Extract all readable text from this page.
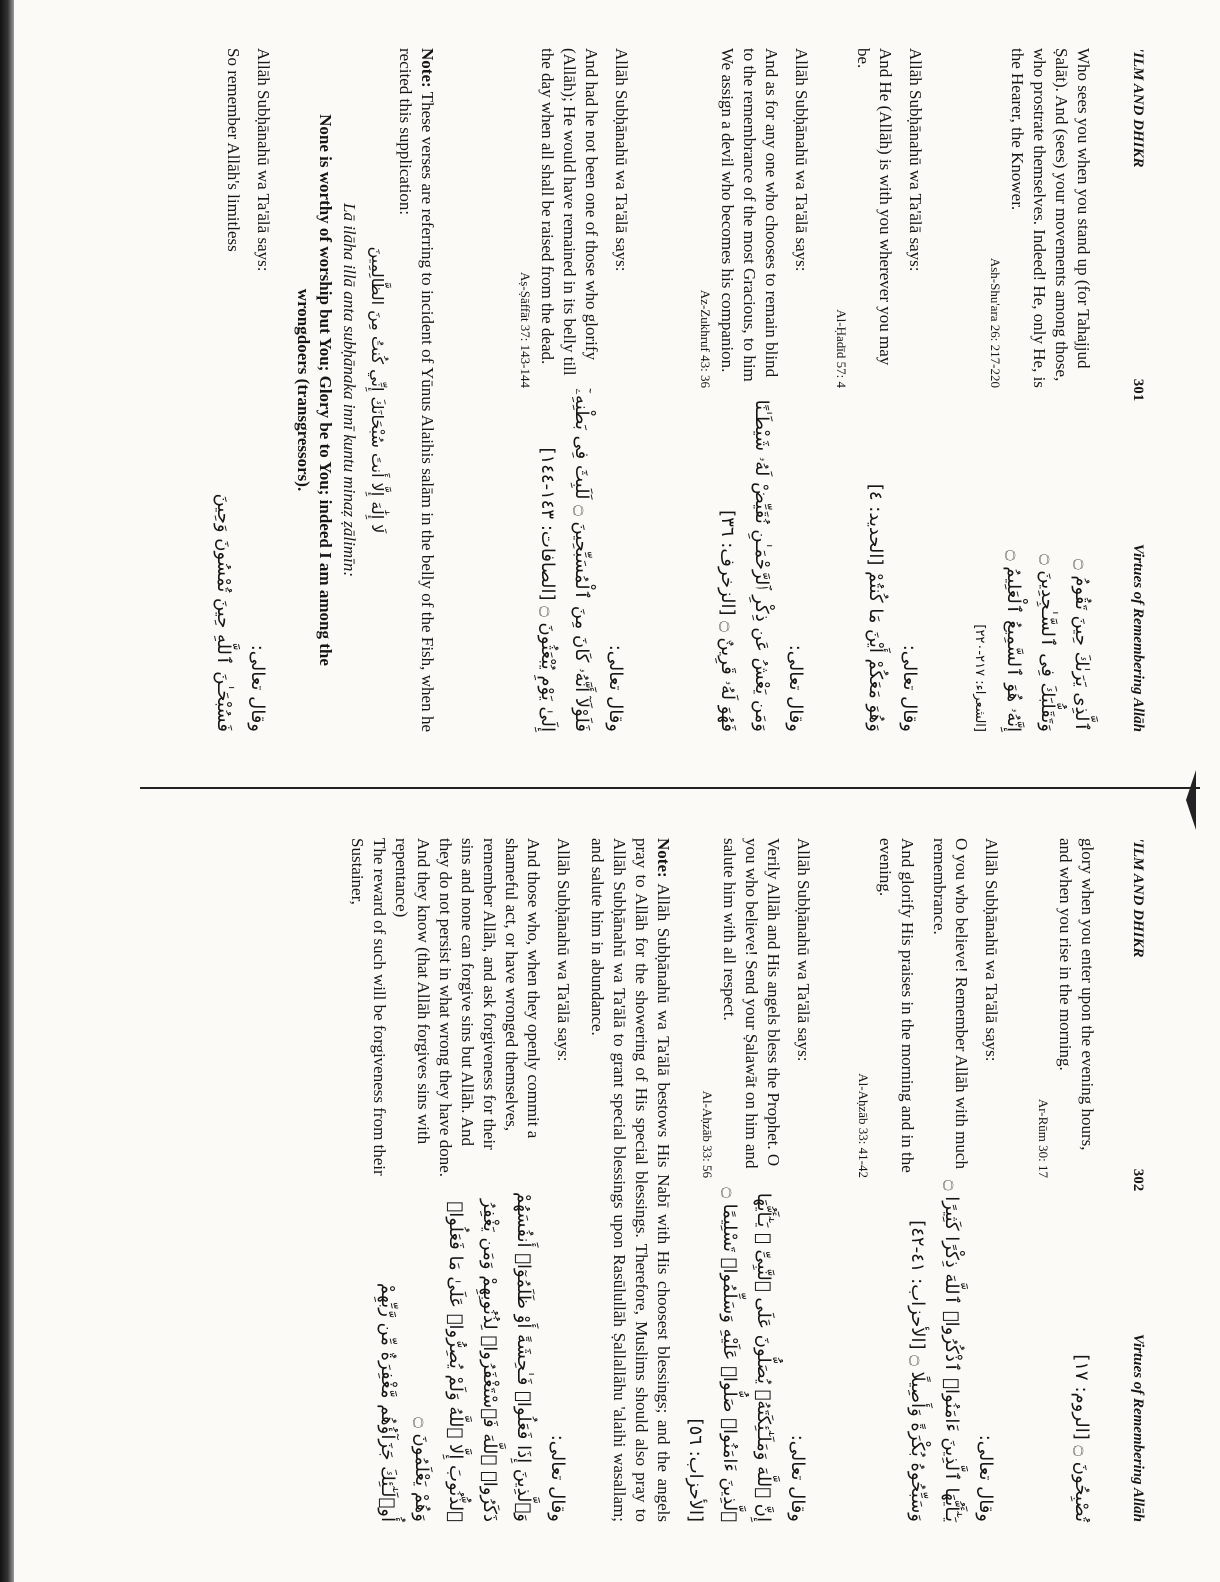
'ILM AND DHIKR
301
Virtues of Remembering Allāh

Who sees you when you stand up (for Tahajjud Ṣalāt). And (sees) your movements among those, who prostrate themselves. Indeed! He, only He, is the Hearer, the Knower.

Ash-Shu'ara 26: 217-220

ٱلَّذِى يَرَىٰكَ حِينَ تَقُومُ ۝

وَتَقَلُّبَكَ فِى ٱلسَّـٰجِدِينَ ۝

إِنَّهُۥ هُوَ ٱلسَّمِيعُ ٱلْعَلِيمُ ۝

[الشعراء: ٢١٧-٢٢٠]

Allāh Subḥānahū wa Ta'ālā says:

And He (Allāh) is with you wherever you may be.

Al-Ḥadīd 57: 4

وقال تعالى:

وَهُوَ مَعَكُمْ أَيْنَ مَا كُنتُمْ [الحديد: ٤]

Allāh Subḥānahū wa Ta'ālā says:

And as for any one who chooses to remain blind to the remembrance of the most Gracious, to him We assign a devil who becomes his companion.

Az-Zukhruf 43: 36

وقال تعالى:

وَمَن يَعْشُ عَن ذِكْرِ ٱلرَّحْمَـٰنِ نُقَيِّضْ لَهُۥ شَيْطَـٰنًا فَهُوَ لَهُۥ قَرِينٌ ۝ [الزخرف: ٣٦]

Allāh Subḥānahū wa Ta'ālā says:

And had he not been one of those who glorify (Allāh); He would have remained in its belly till the day when all shall be raised from the dead.

Aṣ-Ṣāffāt 37: 143-144

وقال تعالى:

فَلَوْلَآ أَنَّهُۥ كَانَ مِنَ ٱلْمُسَبِّحِينَ ۝ لَلَبِثَ فِى بَطْنِهِۦٓ إِلَىٰ يَوْمِ يُبْعَثُونَ ۝ [الصافات: ١٤٣-١٤٤]

Note: These verses are referring to incident of Yūnus Alaihis salām in the belly of the Fish, when he recited this supplication:
لَا إِلَٰهَ إِلَّا أَنتَ سُبْحَانَكَ إِنِّي كُنتُ مِنَ الظَّالِمِينَ
Lā ilāha illā anta subḥānaka innī kuntu minaẓ ẓālimīn:
None is worthy of worship but You; Glory be to You; indeed I am among the wrongdoers (transgressors).

Allāh Subḥānahū wa Ta'ālā says:

So remember Allāh's limitless

وقال تعالى:

فَسُبْحَـٰنَ ٱللَّهِ حِينَ تُمْسُونَ وَحِينَ

'ILM AND DHIKR
302
Virtues of Remembering Allāh

glory when you enter upon the evening hours, and when you rise in the morning.

Ar-Rūm 30: 17

تُصْبِحُونَ ۝ [الروم: ١٧]

Allāh Subḥānahū wa Ta'ālā says:

O you who believe! Remember Allāh with much remembrance.

And glorify His praises in the morning and in the evening.

Al-Aḥzāb 33: 41-42

وقال تعالى:

يَـٰٓأَيُّهَا ٱلَّذِينَ ءَامَنُوا۟ ٱذْكُرُوا۟ ٱللَّهَ ذِكْرًا كَثِيرًا ۝ وَسَبِّحُوهُ بُكْرَةً وَأَصِيلًا ۝ [الأحزاب: ٤١-٤٢]

Allāh Subḥānahū wa Ta'ālā says:

Verily Allāh and His angels bless the Prophet. O you who believe! Send your Ṣalawāt on him and salute him with all respect.

Al-Aḥzāb 33: 56

وقال تعالى:

إِنَّ ٱللَّهَ وَمَلَـٰٓئِكَتَهُۥ يُصَلُّونَ عَلَى ٱلنَّبِىِّ ۚ يَـٰٓأَيُّهَا ٱلَّذِينَ ءَامَنُوا۟ صَلُّوا۟ عَلَيْهِ وَسَلِّمُوا۟ تَسْلِيمًا ۝ [الأحزاب: ٥٦]

Note: Allāh Subḥānahū wa Ta'ālā bestows His Nabī with His choosest blessings; and the angels pray to Allāh for the showering of His special blessings. Therefore, Muslims should also pray to Allāh Subḥānahū wa Ta'ālā to grant special blessings upon Rasūlullāh Ṣallallāhu 'alaihi wasallam; and salute him in abundance.

Allāh Subḥānahū wa Ta'ālā says:

And those who, when they openly commit a shameful act, or have wronged themselves, remember Allāh, and ask forgiveness for their sins and none can forgive sins but Allāh. And they do not persist in what wrong they have done. And they know (that Allāh forgives sins with repentance)

The reward of such will be forgiveness from their Sustainer,

وقال تعالى:

وَٱلَّذِينَ إِذَا فَعَلُوا۟ فَـٰحِشَةً أَوْ ظَلَمُوٓا۟ أَنفُسَهُمْ ذَكَرُوا۟ ٱللَّهَ فَٱسْتَغْفَرُوا۟ لِذُنُوبِهِمْ وَمَن يَغْفِرُ ٱلذُّنُوبَ إِلَّا ٱللَّهُ وَلَمْ يُصِرُّوا۟ عَلَىٰ مَا فَعَلُوا۟ وَهُمْ يَعْلَمُونَ ۝

أُو۟لَـٰٓئِكَ جَزَآؤُهُم مَّغْفِرَةٌ مِّن رَّبِّهِمْ
